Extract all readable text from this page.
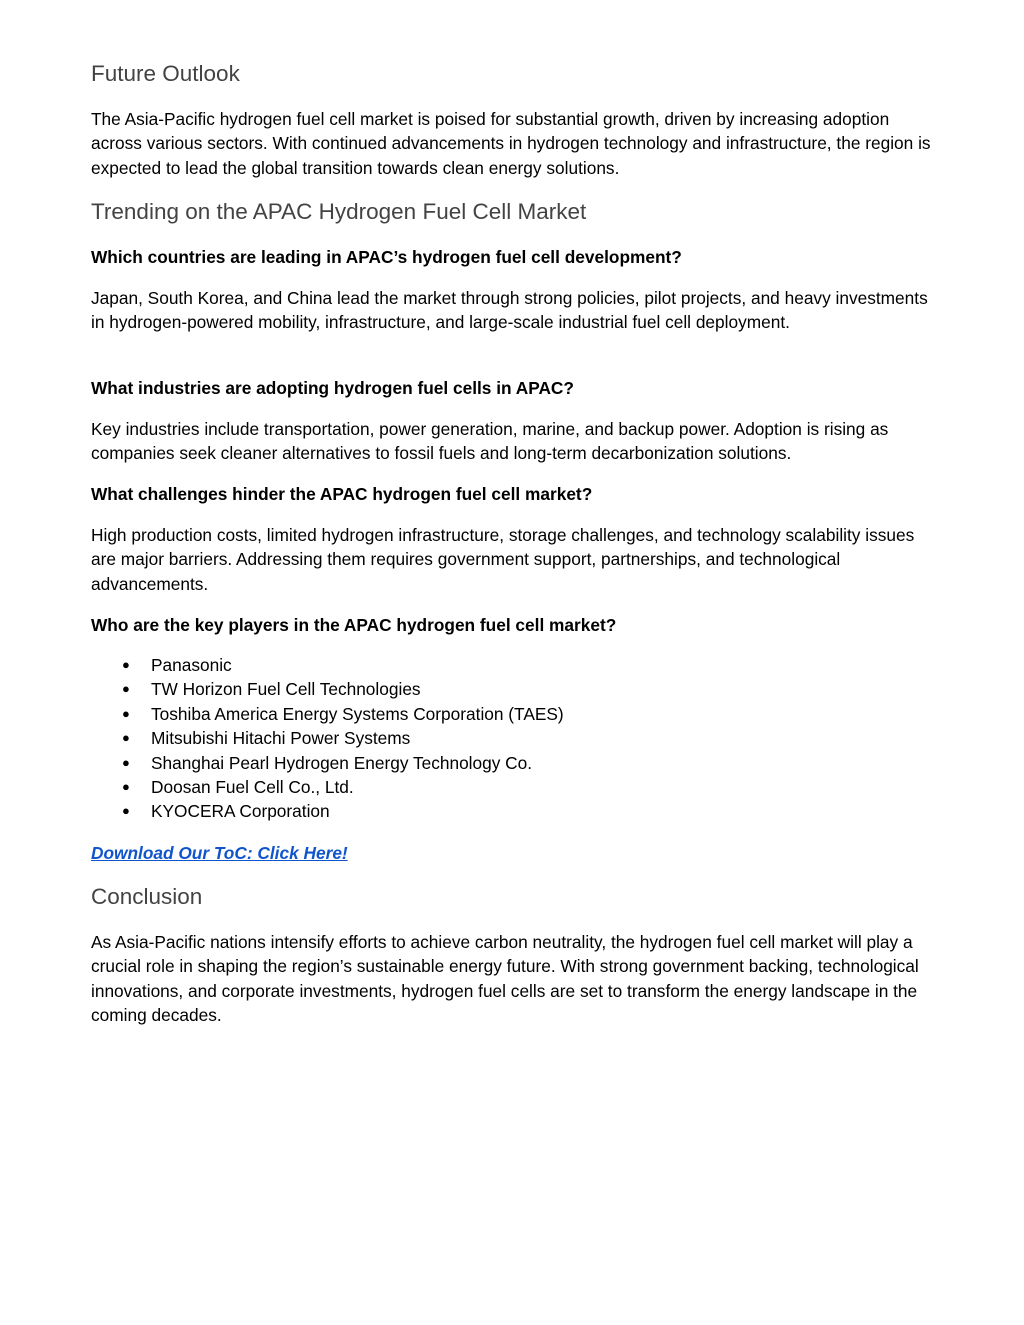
Future Outlook

The Asia-Pacific hydrogen fuel cell market is poised for substantial growth, driven by increasing adoption across various sectors. With continued advancements in hydrogen technology and infrastructure, the region is expected to lead the global transition towards clean energy solutions.

Trending on the APAC Hydrogen Fuel Cell Market

Which countries are leading in APAC’s hydrogen fuel cell development?

Japan, South Korea, and China lead the market through strong policies, pilot projects, and heavy investments in hydrogen-powered mobility, infrastructure, and large-scale industrial fuel cell deployment.

What industries are adopting hydrogen fuel cells in APAC?

Key industries include transportation, power generation, marine, and backup power. Adoption is rising as companies seek cleaner alternatives to fossil fuels and long-term decarbonization solutions.

What challenges hinder the APAC hydrogen fuel cell market?

High production costs, limited hydrogen infrastructure, storage challenges, and technology scalability issues are major barriers. Addressing them requires government support, partnerships, and technological advancements.

Who are the key players in the APAC hydrogen fuel cell market?

● Panasonic
● TW Horizon Fuel Cell Technologies
● Toshiba America Energy Systems Corporation (TAES)
● Mitsubishi Hitachi Power Systems
● Shanghai Pearl Hydrogen Energy Technology Co.
● Doosan Fuel Cell Co., Ltd.
● KYOCERA Corporation
Download Our ToC: Click Here!
Conclusion

As Asia-Pacific nations intensify efforts to achieve carbon neutrality, the hydrogen fuel cell market will play a crucial role in shaping the region’s sustainable energy future. With strong government backing, technological innovations, and corporate investments, hydrogen fuel cells are set to transform the energy landscape in the coming decades.
